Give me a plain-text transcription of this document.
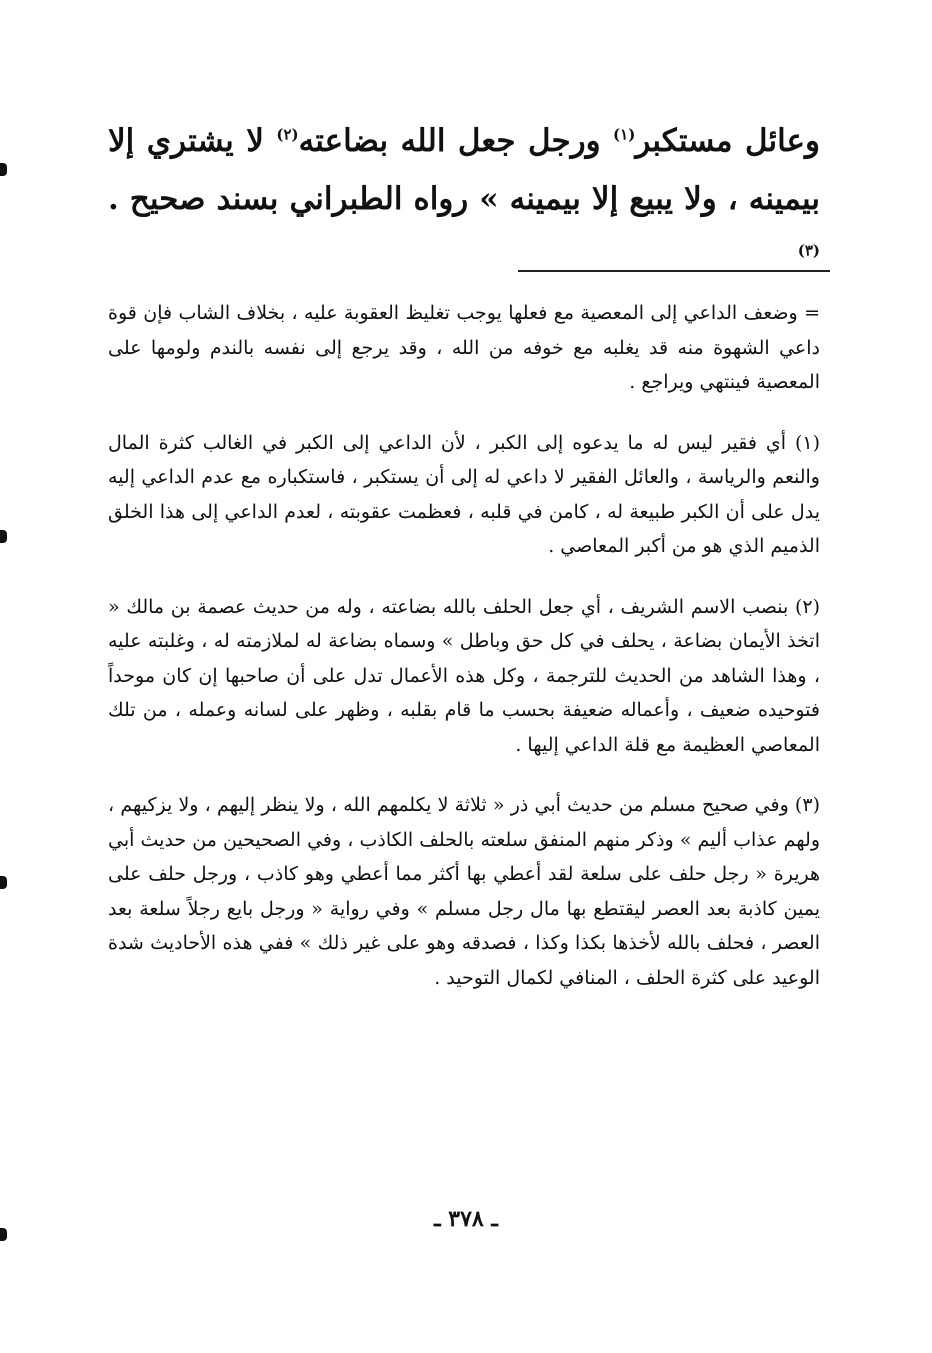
وعائل مستكبر$^{(١)}$ ورجل جعل الله بضاعته$^{(٢)}$ لا يشتري إلا بيمينه ، ولا يبيع إلا بيمينه » رواه الطبراني بسند صحيح .$^{(٣)}$

= وضعف الداعي إلى المعصية مع فعلها يوجب تغليظ العقوبة عليه ، بخلاف الشاب فإن قوة داعي الشهوة منه قد يغلبه مع خوفه من الله ، وقد يرجع إلى نفسه بالندم ولومها على المعصية فينتهي ويراجع .

(١) أي فقير ليس له ما يدعوه إلى الكبر ، لأن الداعي إلى الكبر في الغالب كثرة المال والنعم والرياسة ، والعائل الفقير لا داعي له إلى أن يستكبر ، فاستكباره مع عدم الداعي إليه يدل على أن الكبر طبيعة له ، كامن في قلبه ، فعظمت عقوبته ، لعدم الداعي إلى هذا الخلق الذميم الذي هو من أكبر المعاصي .

(٢) بنصب الاسم الشريف ، أي جعل الحلف بالله بضاعته ، وله من حديث عصمة بن مالك « اتخذ الأيمان بضاعة ، يحلف في كل حق وباطل » وسماه بضاعة له لملازمته له ، وغلبته عليه ، وهذا الشاهد من الحديث للترجمة ، وكل هذه الأعمال تدل على أن صاحبها إن كان موحداً فتوحيده ضعيف ، وأعماله ضعيفة بحسب ما قام بقلبه ، وظهر على لسانه وعمله ، من تلك المعاصي العظيمة مع قلة الداعي إليها .

(٣) وفي صحيح مسلم من حديث أبي ذر « ثلاثة لا يكلمهم الله ، ولا ينظر إليهم ، ولا يزكيهم ، ولهم عذاب أليم » وذكر منهم المنفق سلعته بالحلف الكاذب ، وفي الصحيحين من حديث أبي هريرة « رجل حلف على سلعة لقد أعطي بها أكثر مما أعطي وهو كاذب ، ورجل حلف على يمين كاذبة بعد العصر ليقتطع بها مال رجل مسلم » وفي رواية « ورجل بايع رجلاً سلعة بعد العصر ، فحلف بالله لأخذها بكذا وكذا ، فصدقه وهو على غير ذلك » ففي هذه الأحاديث شدة الوعيد على كثرة الحلف ، المنافي لكمال التوحيد .

ـ ٣٧٨ ـ
